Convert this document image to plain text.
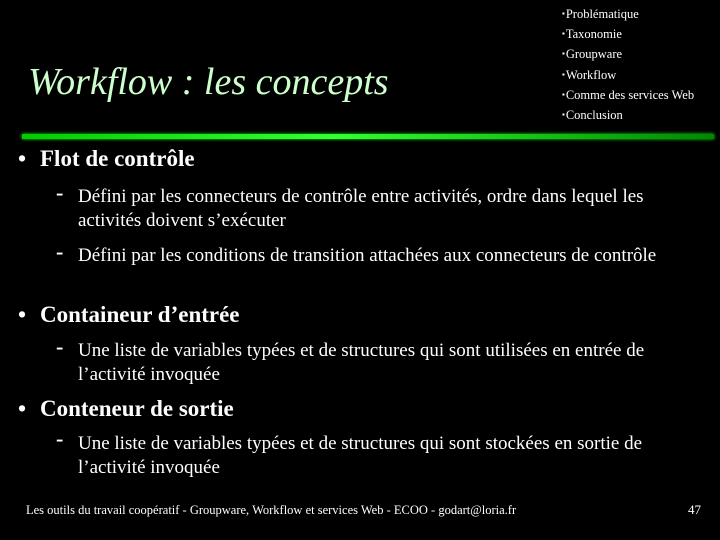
Workflow : les concepts
▪Problématique
▪Taxonomie
▪Groupware
▪Workflow
▪Comme des services Web
▪Conclusion
• Flot de contrôle
- Défini par les connecteurs de contrôle entre activités, ordre dans lequel les activités doivent s’exécuter
- Défini par les conditions de transition attachées aux connecteurs de contrôle
• Containeur d’entrée
- Une liste de variables typées et de structures qui sont utilisées en entrée de l’activité invoquée
• Conteneur de sortie
- Une liste de variables typées et de structures qui sont stockées en sortie de l’activité invoquée
Les outils du travail coopératif - Groupware, Workflow et services Web - ECOO - godart@loria.fr	47
